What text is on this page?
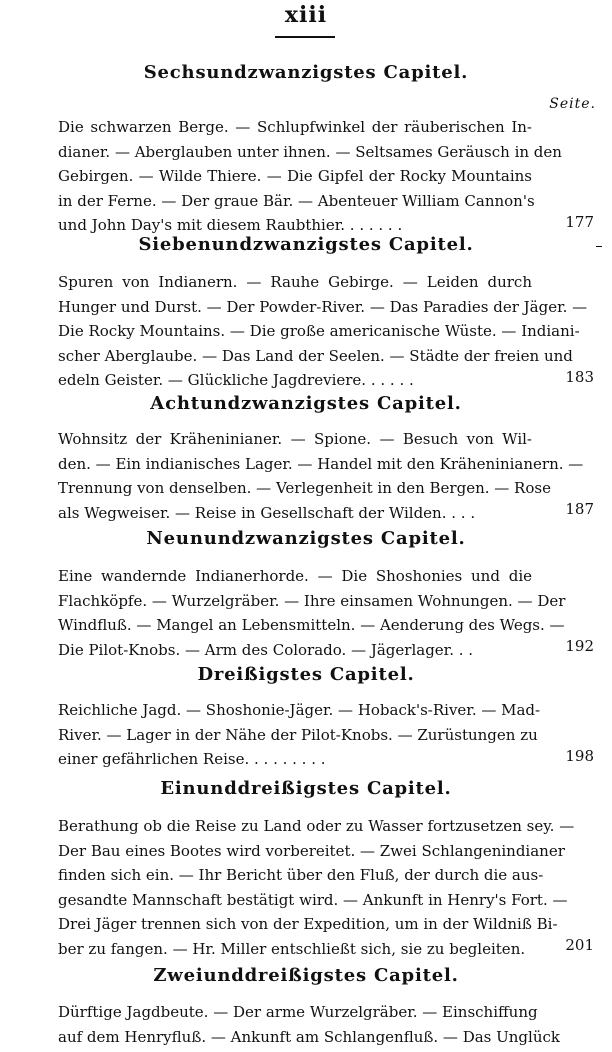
xiii
Seite.
Sechsundzwanzigstes Capitel.
Die schwarzen Berge. — Schlupfwinkel der räuberischen In-
dianer. — Aberglauben unter ihnen. — Seltsames Geräusch in den
Gebirgen. — Wilde Thiere. — Die Gipfel der Rocky Mountains
in der Ferne. — Der graue Bär. — Abenteuer William Cannon's
und John Day's mit diesem Raubthier. . . . . . .	177
Siebenundzwanzigstes Capitel.
Spuren von Indianern. — Rauhe Gebirge. — Leiden durch
Hunger und Durst. — Der Powder-River. — Das Paradies der Jäger. —
Die Rocky Mountains. — Die große americanische Wüste. — Indiani-
scher Aberglaube. — Das Land der Seelen. — Städte der freien und
edeln Geister. — Glückliche Jagdreviere. . . . . .	183
Achtundzwanzigstes Capitel.
Wohnsitz der Kräheninianer. — Spione. — Besuch von Wil-
den. — Ein indianisches Lager. — Handel mit den Kräheninianern. —
Trennung von denselben. — Verlegenheit in den Bergen. — Rose
als Wegweiser. — Reise in Gesellschaft der Wilden. . . .	187
Neunundzwanzigstes Capitel.
Eine wandernde Indianerhorde. — Die Shoshonies und die
Flachköpfe. — Wurzelgräber. — Ihre einsamen Wohnungen. — Der
Windfluß. — Mangel an Lebensmitteln. — Aenderung des Wegs. —
Die Pilot-Knobs. — Arm des Colorado. — Jägerlager. . .	192
Dreißigstes Capitel.
Reichliche Jagd. — Shoshonie-Jäger. — Hoback's-River. — Mad-
River. — Lager in der Nähe der Pilot-Knobs. — Zurüstungen zu
einer gefährlichen Reise. . . . . . . . .	198
Einunddreißigstes Capitel.
Berathung ob die Reise zu Land oder zu Wasser fortzusetzen sey. —
Der Bau eines Bootes wird vorbereitet. — Zwei Schlangenindianer
finden sich ein. — Ihr Bericht über den Fluß, der durch die aus-
gesandte Mannschaft bestätigt wird. — Ankunft in Henry's Fort. —
Drei Jäger trennen sich von der Expedition, um in der Wildniß Bi-
ber zu fangen. — Hr. Miller entschließt sich, sie zu begleiten.	201
Zweiunddreißigstes Capitel.
Dürftige Jagdbeute. — Der arme Wurzelgräber. — Einschiffung
auf dem Henryfluß. — Ankunft am Schlangenfluß. — Das Unglück
